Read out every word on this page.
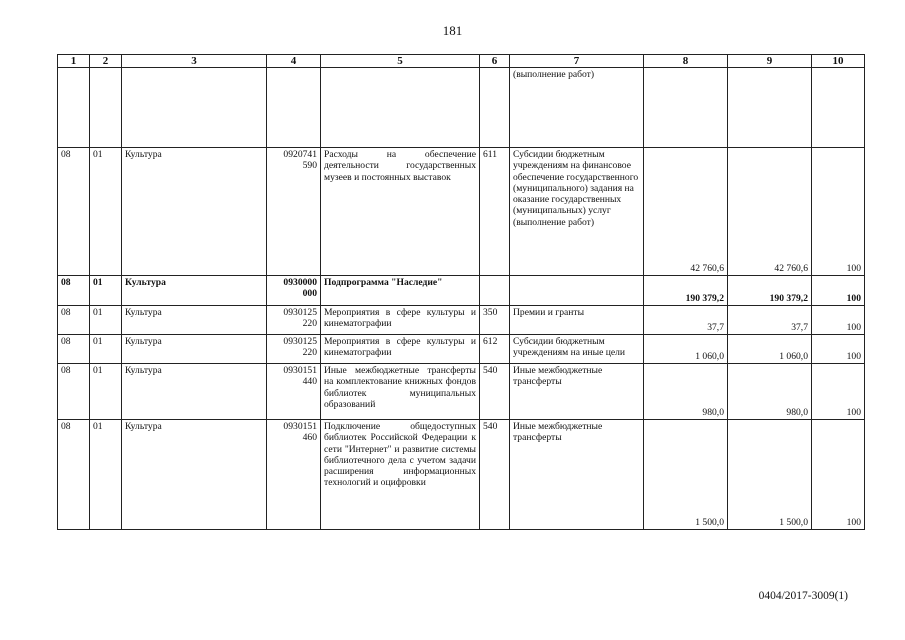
181
1	2	3	4	5	6	7	8	9	10
						(выполнение работ)			
08	01	Культура	0920741 590	Расходы на обеспечение деятельности государственных музеев и постоянных выставок	611	Субсидии бюджетным учреждениям на финансовое обеспечение государственного (муниципального) задания на оказание государственных (муниципальных) услуг (выполнение работ)	42 760,6	42 760,6	100
08	01	Культура	0930000 000	Подпрограмма "Наследие"			190 379,2	190 379,2	100
08	01	Культура	0930125 220	Мероприятия в сфере культуры и кинематографии	350	Премии и гранты	37,7	37,7	100
08	01	Культура	0930125 220	Мероприятия в сфере культуры и кинематографии	612	Субсидии бюджетным учреждениям на иные цели	1 060,0	1 060,0	100
08	01	Культура	0930151 440	Иные межбюджетные трансферты на комплектование книжных фондов библиотек муниципальных образований	540	Иные межбюджетные трансферты	980,0	980,0	100
08	01	Культура	0930151 460	Подключение общедоступных библиотек Российской Федерации к сети "Интернет" и развитие системы библиотечного дела с учетом задачи расширения информационных технологий и оцифровки	540	Иные межбюджетные трансферты	1 500,0	1 500,0	100
0404/2017-3009(1)
